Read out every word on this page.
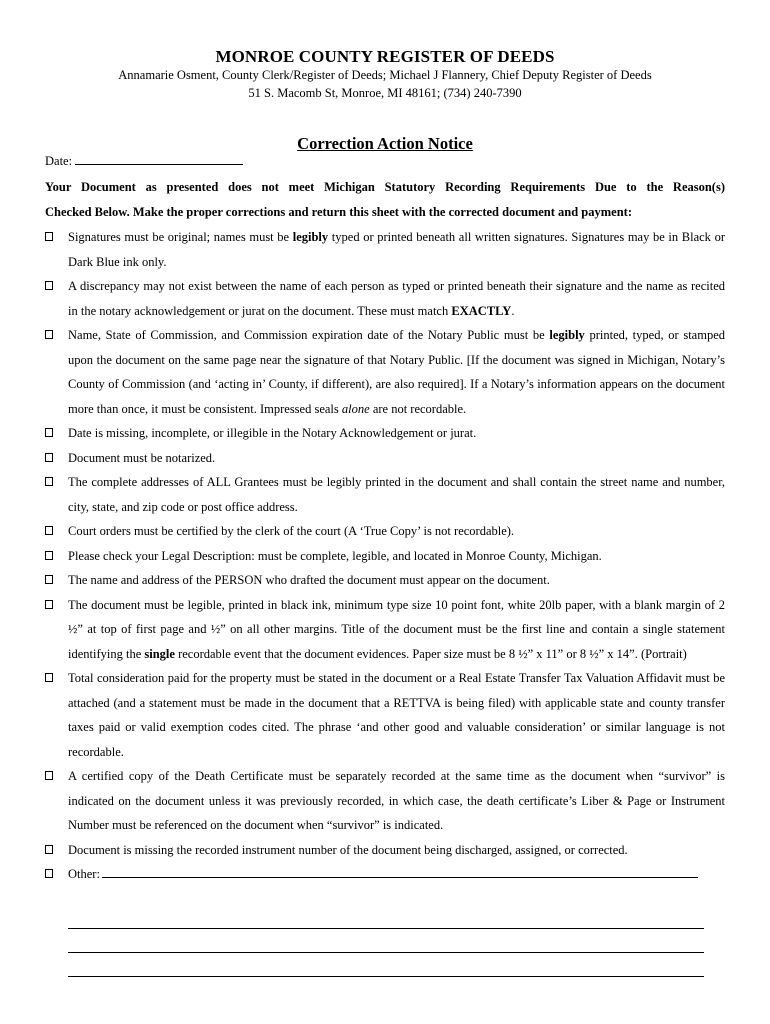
MONROE COUNTY REGISTER OF DEEDS
Annamarie Osment, County Clerk/Register of Deeds; Michael J Flannery, Chief Deputy Register of Deeds
51 S. Macomb St, Monroe, MI 48161; (734) 240-7390
Correction Action Notice
Date:
Your Document as presented does not meet Michigan Statutory Recording Requirements Due to the Reason(s)
Checked Below. Make the proper corrections and return this sheet with the corrected document and payment:
Signatures must be original; names must be legibly typed or printed beneath all written signatures. Signatures may be in Black or Dark Blue ink only.
A discrepancy may not exist between the name of each person as typed or printed beneath their signature and the name as recited in the notary acknowledgement or jurat on the document. These must match EXACTLY.
Name, State of Commission, and Commission expiration date of the Notary Public must be legibly printed, typed, or stamped upon the document on the same page near the signature of that Notary Public. [If the document was signed in Michigan, Notary’s County of Commission (and ‘acting in’ County, if different), are also required]. If a Notary’s information appears on the document more than once, it must be consistent. Impressed seals alone are not recordable.
Date is missing, incomplete, or illegible in the Notary Acknowledgement or jurat.
Document must be notarized.
The complete addresses of ALL Grantees must be legibly printed in the document and shall contain the street name and number, city, state, and zip code or post office address.
Court orders must be certified by the clerk of the court (A ‘True Copy’ is not recordable).
Please check your Legal Description: must be complete, legible, and located in Monroe County, Michigan.
The name and address of the PERSON who drafted the document must appear on the document.
The document must be legible, printed in black ink, minimum type size 10 point font, white 20lb paper, with a blank margin of 2 ½” at top of first page and ½” on all other margins. Title of the document must be the first line and contain a single statement identifying the single recordable event that the document evidences. Paper size must be 8 ½” x 11” or 8 ½” x 14”. (Portrait)
Total consideration paid for the property must be stated in the document or a Real Estate Transfer Tax Valuation Affidavit must be attached (and a statement must be made in the document that a RETTVA is being filed) with applicable state and county transfer taxes paid or valid exemption codes cited. The phrase ‘and other good and valuable consideration’ or similar language is not recordable.
A certified copy of the Death Certificate must be separately recorded at the same time as the document when “survivor” is indicated on the document unless it was previously recorded, in which case, the death certificate’s Liber & Page or Instrument Number must be referenced on the document when “survivor” is indicated.
Document is missing the recorded instrument number of the document being discharged, assigned, or corrected.
Other:
